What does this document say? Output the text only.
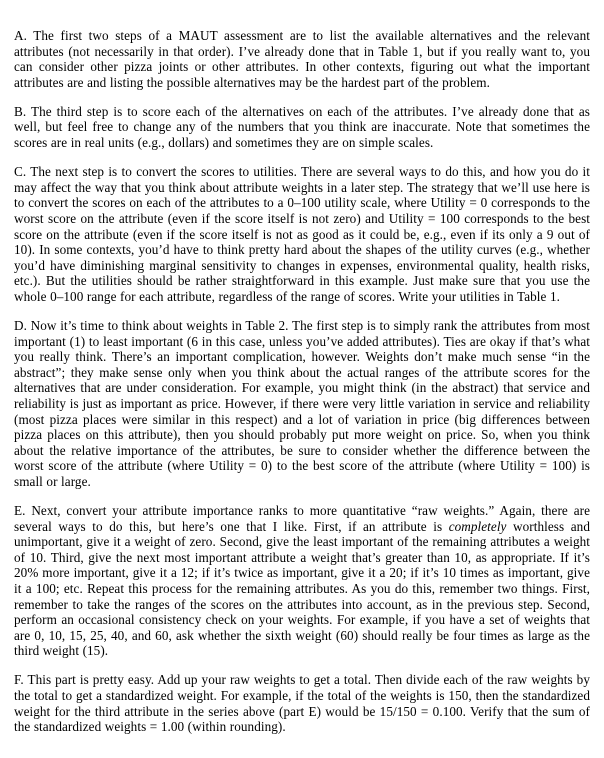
A. The first two steps of a MAUT assessment are to list the available alternatives and the relevant attributes (not necessarily in that order). I’ve already done that in Table 1, but if you really want to, you can consider other pizza joints or other attributes. In other contexts, figuring out what the important attributes are and listing the possible alternatives may be the hardest part of the problem.

B. The third step is to score each of the alternatives on each of the attributes. I’ve already done that as well, but feel free to change any of the numbers that you think are inaccurate. Note that sometimes the scores are in real units (e.g., dollars) and sometimes they are on simple scales.

C. The next step is to convert the scores to utilities. There are several ways to do this, and how you do it may affect the way that you think about attribute weights in a later step. The strategy that we’ll use here is to convert the scores on each of the attributes to a 0–100 utility scale, where Utility = 0 corresponds to the worst score on the attribute (even if the score itself is not zero) and Utility = 100 corresponds to the best score on the attribute (even if the score itself is not as good as it could be, e.g., even if its only a 9 out of 10). In some contexts, you’d have to think pretty hard about the shapes of the utility curves (e.g., whether you’d have diminishing marginal sensitivity to changes in expenses, environmental quality, health risks, etc.). But the utilities should be rather straightforward in this example. Just make sure that you use the whole 0–100 range for each attribute, regardless of the range of scores. Write your utilities in Table 1.

D. Now it’s time to think about weights in Table 2. The first step is to simply rank the attributes from most important (1) to least important (6 in this case, unless you’ve added attributes). Ties are okay if that’s what you really think. There’s an important complication, however. Weights don’t make much sense “in the abstract”; they make sense only when you think about the actual ranges of the attribute scores for the alternatives that are under consideration. For example, you might think (in the abstract) that service and reliability is just as important as price. However, if there were very little variation in service and reliability (most pizza places were similar in this respect) and a lot of variation in price (big differences between pizza places on this attribute), then you should probably put more weight on price. So, when you think about the relative importance of the attributes, be sure to consider whether the difference between the worst score of the attribute (where Utility = 0) to the best score of the attribute (where Utility = 100) is small or large.

E. Next, convert your attribute importance ranks to more quantitative “raw weights.” Again, there are several ways to do this, but here’s one that I like. First, if an attribute is completely worthless and unimportant, give it a weight of zero. Second, give the least important of the remaining attributes a weight of 10. Third, give the next most important attribute a weight that’s greater than 10, as appropriate. If it’s 20% more important, give it a 12; if it’s twice as important, give it a 20; if it’s 10 times as important, give it a 100; etc. Repeat this process for the remaining attributes. As you do this, remember two things. First, remember to take the ranges of the scores on the attributes into account, as in the previous step. Second, perform an occasional consistency check on your weights. For example, if you have a set of weights that are 0, 10, 15, 25, 40, and 60, ask whether the sixth weight (60) should really be four times as large as the third weight (15).

F. This part is pretty easy. Add up your raw weights to get a total. Then divide each of the raw weights by the total to get a standardized weight. For example, if the total of the weights is 150, then the standardized weight for the third attribute in the series above (part E) would be 15/150 = 0.100. Verify that the sum of the standardized weights = 1.00 (within rounding).
